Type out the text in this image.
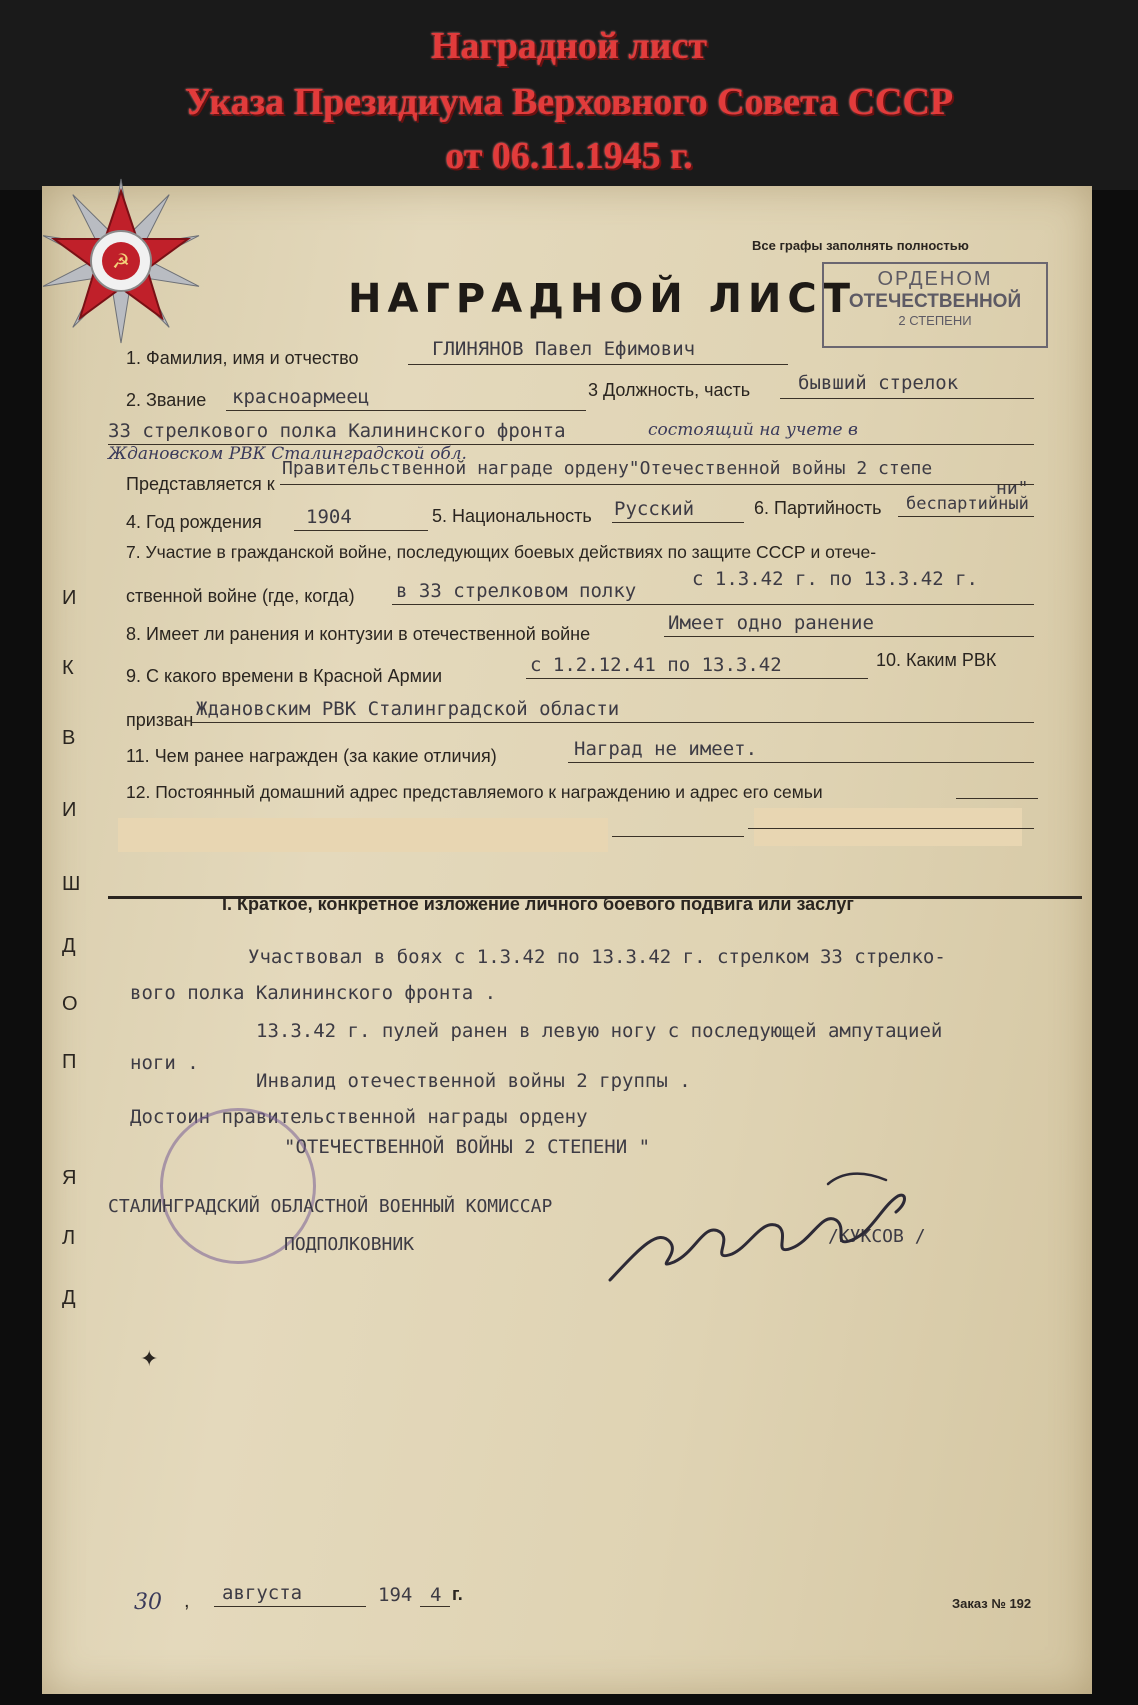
Наградной лист
Указа Президиума Верховного Совета СССР
от 06.11.1945 г.
☭
Все графы заполнять полностью
НАГРАДНОЙ ЛИСТ	ОРДЕНОМ
ОТЕЧЕСТВЕННОЙ
2 СТЕПЕНИ
1. Фамилия, имя и отчество	ГЛИНЯНОВ Павел Ефимович
2. Звание красноармеец	3 Должность, часть	бывший стрелок
33 стрелкового полка Калининского фронта	состоящий на учете в
Ждановском РВК Сталинградской обл.
Представляется к
Правительственной награде ордену"Отечественной войны 2 степе
ни"
4. Год рождения 1904	5. Национальность Русский	6. Партийность беспартийный
7. Участие в гражданской войне, последующих боевых действиях по защите СССР и отече-
ственной войне (где, когда) в 33 стрелковом полку
с 1.3.42 г. по 13.3.42 г.
8. Имеет ли ранения и контузии в отечественной войне	Имеет одно ранение
9. С какого времени в Красной Армии	с 1.2.12.41 по 13.3.42	10. Каким РВК
призван Ждановским РВК Сталинградской области
11. Чем ранее награжден (за какие отличия)	Наград не имеет.
12. Постоянный домашний адрес представляемого к награждению и адрес его семьи
Д
Л
Я
П
О
Д
Ш
И
В
К
И
I. Краткое, конкретное изложение личного боевого подвига или заслуг
Участвовал в боях с 1.3.42 по 13.3.42 г. стрелком 33 стрелко-
вого полка Калининского фронта .
13.3.42 г. пулей ранен в левую ногу с последующей ампутацией
ноги .
Инвалид отечественной войны 2 группы .
Достоин правительственной награды ордену
"ОТЕЧЕСТВЕННОЙ ВОЙНЫ 2 СТЕПЕНИ "
СТАЛИНГРАДСКИЙ ОБЛАСТНОЙ ВОЕННЫЙ КОМИССАР
ПОДПОЛКОВНИК	/КУКСОВ /
✦
30 , августа	194 4 г.	Заказ № 192
